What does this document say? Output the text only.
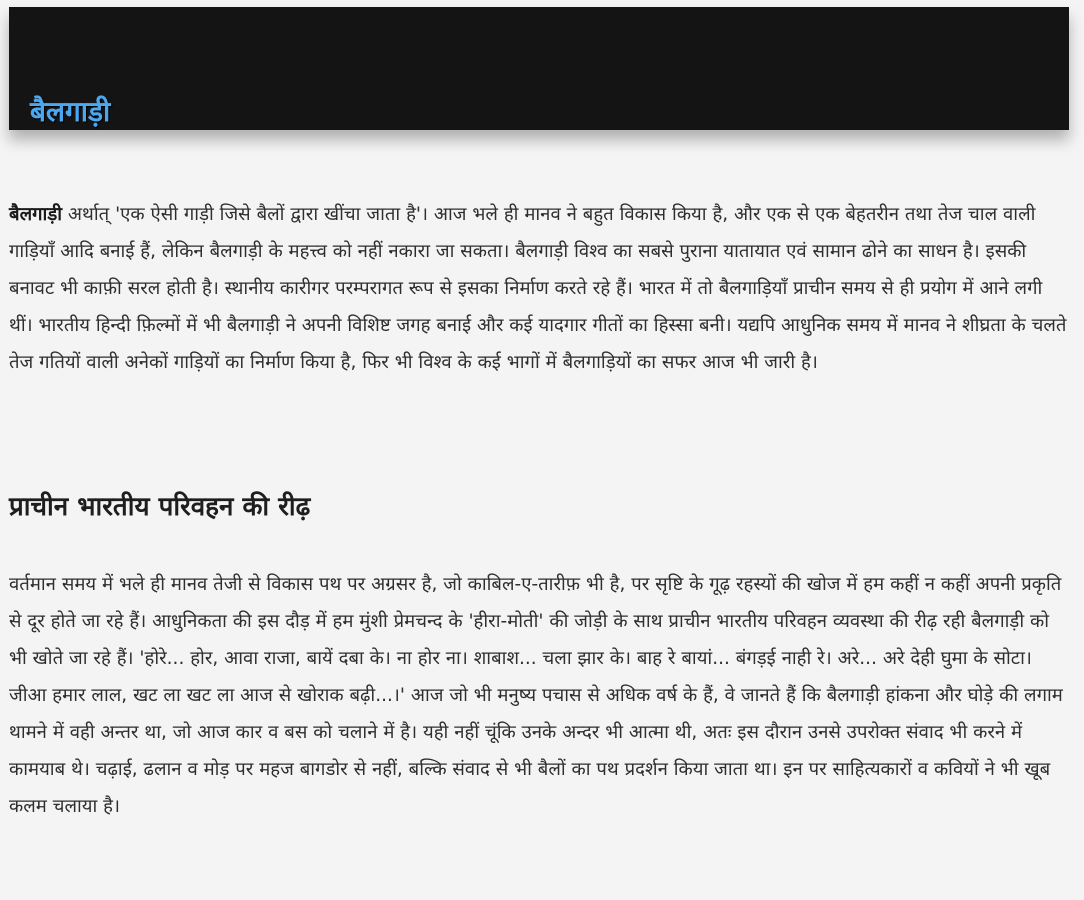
बैलगाड़ी

बैलगाड़ी अर्थात् 'एक ऐसी गाड़ी जिसे बैलों द्वारा खींचा जाता है'। आज भले ही मानव ने बहुत विकास किया है, और एक से एक बेहतरीन तथा तेज चाल वाली गाड़ियाँ आदि बनाई हैं, लेकिन बैलगाड़ी के महत्त्व को नहीं नकारा जा सकता। बैलगाड़ी विश्व का सबसे पुराना यातायात एवं सामान ढोने का साधन है। इसकी बनावट भी काफ़ी सरल होती है। स्थानीय कारीगर परम्परागत रूप से इसका निर्माण करते रहे हैं। भारत में तो बैलगाड़ियाँ प्राचीन समय से ही प्रयोग में आने लगी थीं। भारतीय हिन्दी फ़िल्मों में भी बैलगाड़ी ने अपनी विशिष्ट जगह बनाई और कई यादगार गीतों का हिस्सा बनी। यद्यपि आधुनिक समय में मानव ने शीघ्रता के चलते तेज गतियों वाली अनेकों गाड़ियों का निर्माण किया है, फिर भी विश्व के कई भागों में बैलगाड़ियों का सफर आज भी जारी है।

प्राचीन भारतीय परिवहन की रीढ़

वर्तमान समय में भले ही मानव तेजी से विकास पथ पर अग्रसर है, जो काबिल-ए-तारीफ़ भी है, पर सृष्टि के गूढ़ रहस्यों की खोज में हम कहीं न कहीं अपनी प्रकृति से दूर होते जा रहे हैं। आधुनिकता की इस दौड़ में हम मुंशी प्रेमचन्द के 'हीरा-मोती' की जोड़ी के साथ प्राचीन भारतीय परिवहन व्यवस्था की रीढ़ रही बैलगाड़ी को भी खोते जा रहे हैं। 'होरे... होर, आवा राजा, बायें दबा के। ना होर ना। शाबाश... चला झार के। बाह रे बायां... बंगड़ई नाही रे। अरे... अरे देही घुमा के सोटा। जीआ हमार लाल, खट ला खट ला आज से खोराक बढ़ी...।' आज जो भी मनुष्य पचास से अधिक वर्ष के हैं, वे जानते हैं कि बैलगाड़ी हांकना और घोड़े की लगाम थामने में वही अन्तर था, जो आज कार व बस को चलाने में है। यही नहीं चूंकि उनके अन्दर भी आत्मा थी, अतः इस दौरान उनसे उपरोक्त संवाद भी करने में कामयाब थे। चढ़ाई, ढलान व मोड़ पर महज बागडोर से नहीं, बल्कि संवाद से भी बैलों का पथ प्रदर्शन किया जाता था। इन पर साहित्यकारों व कवियों ने भी खूब कलम चलाया है।
